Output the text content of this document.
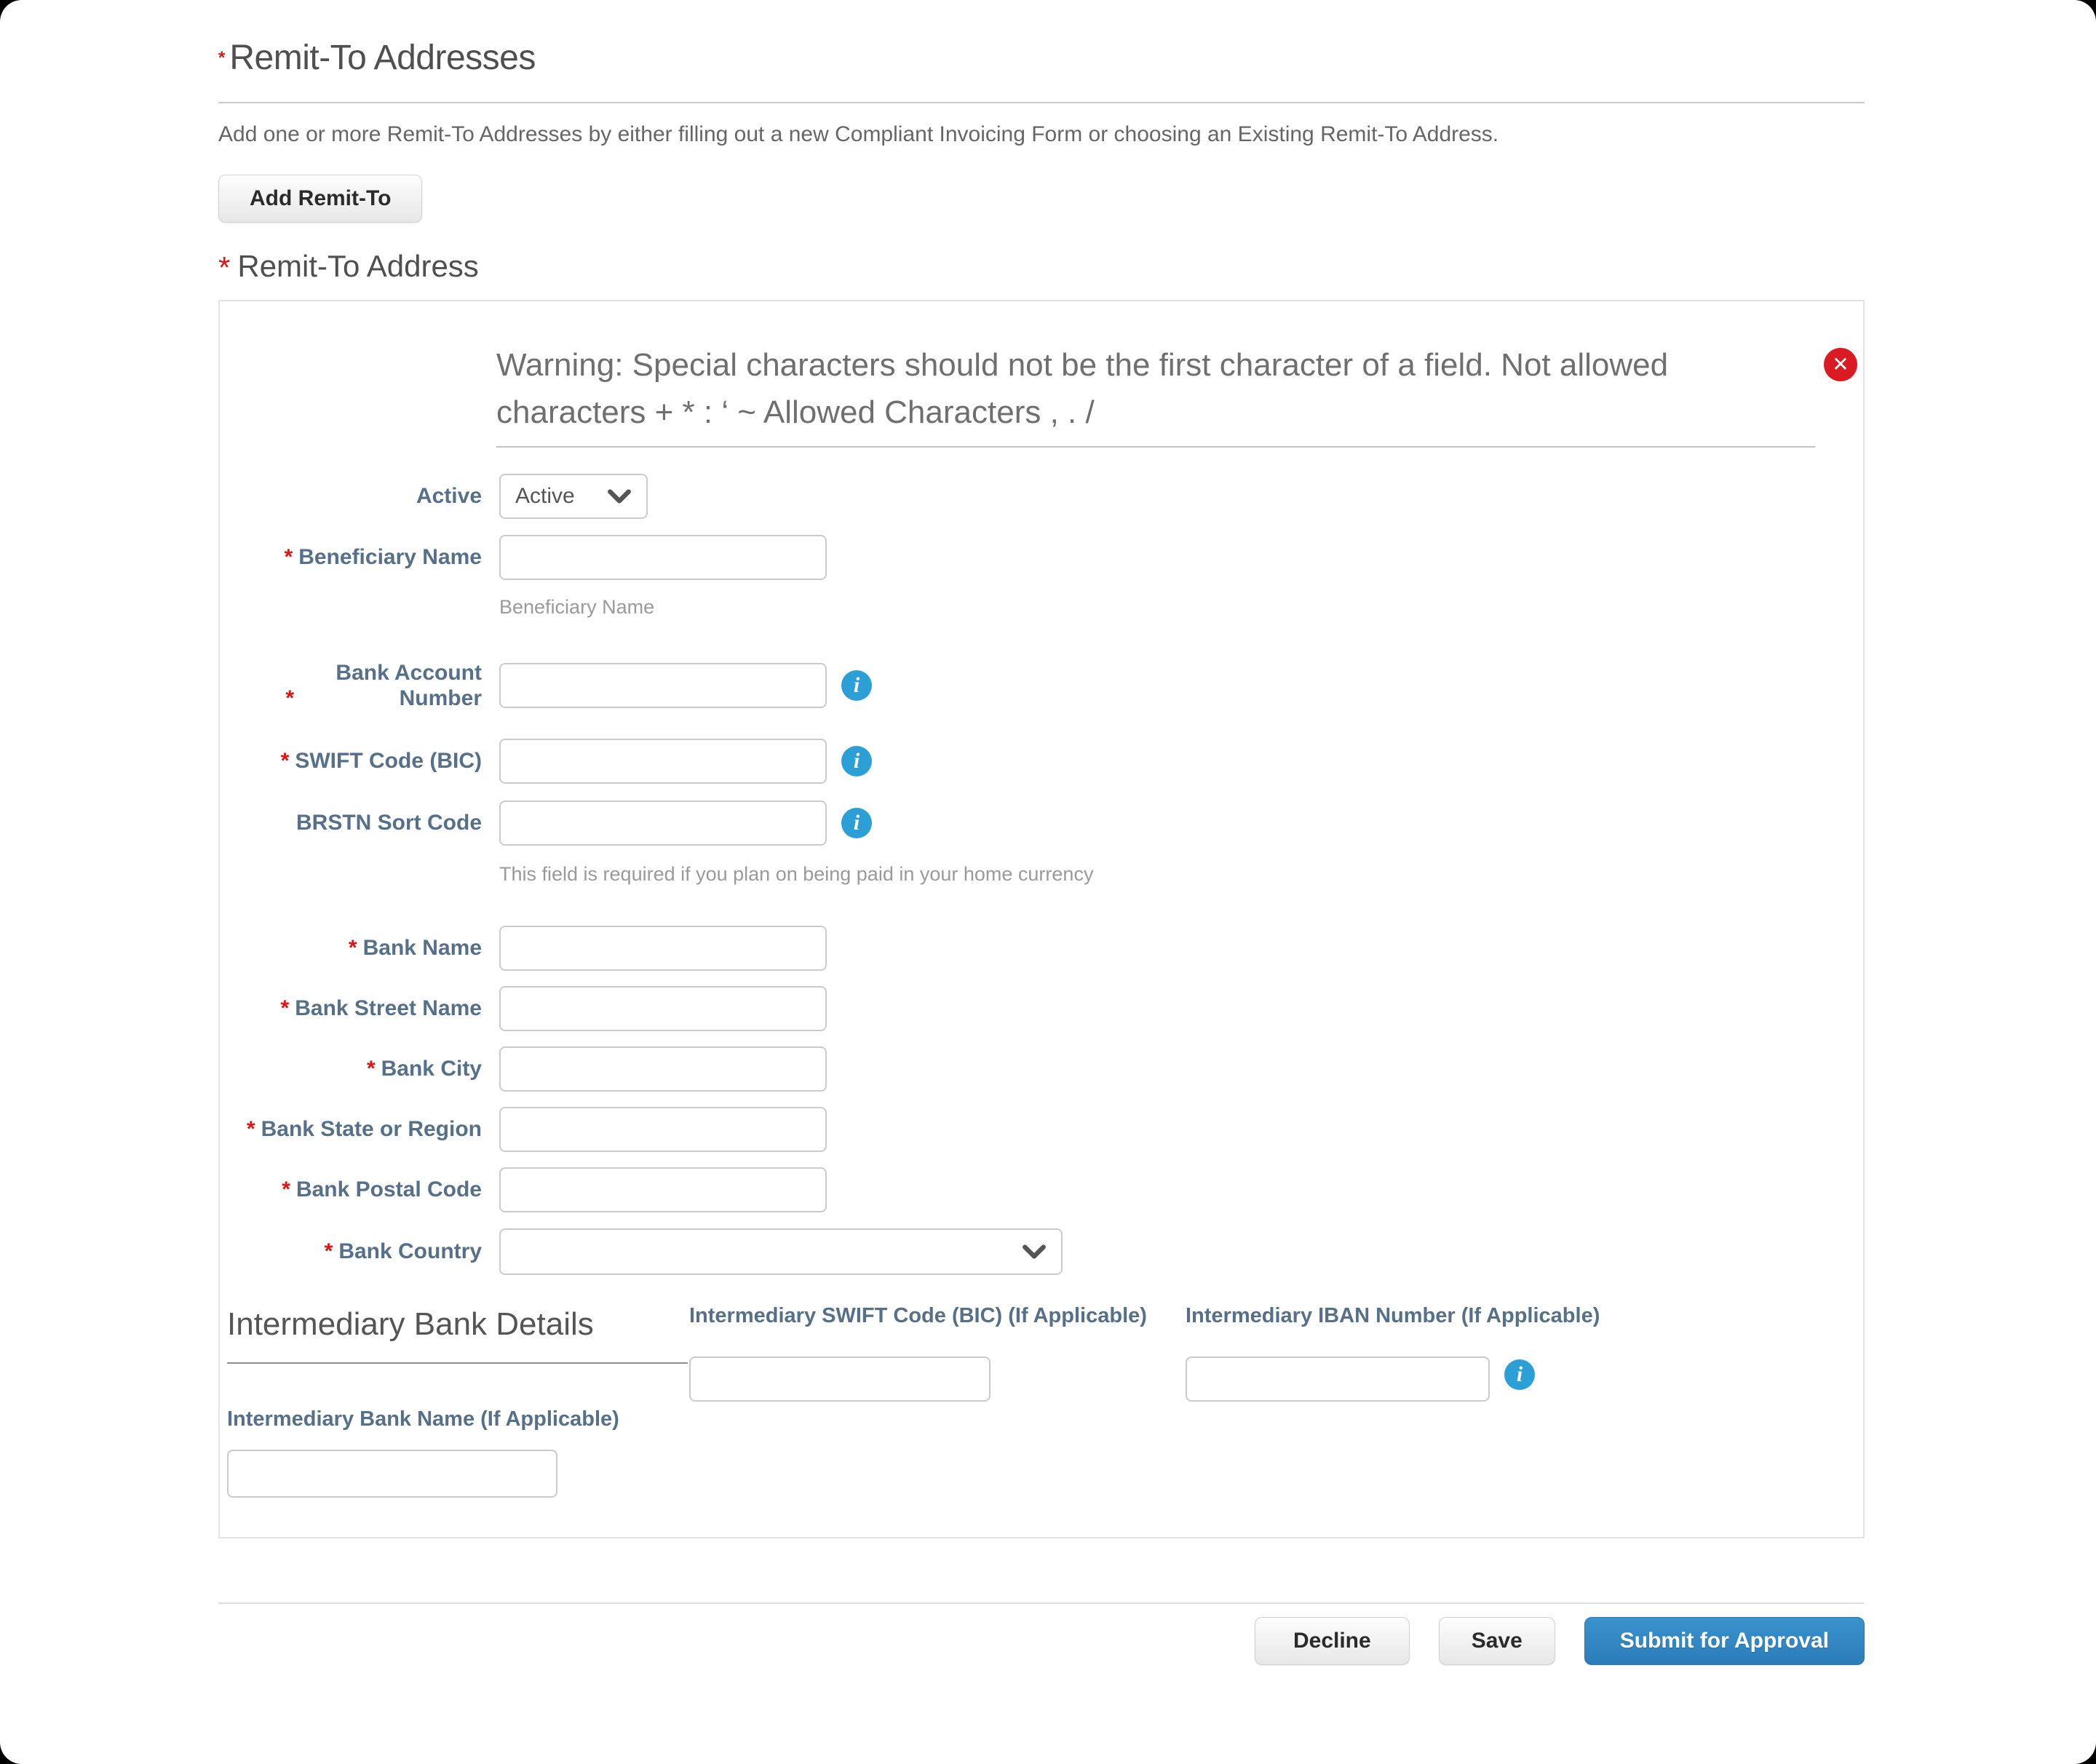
* Remit-To Addresses
Add one or more Remit-To Addresses by either filling out a new Compliant Invoicing Form or choosing an Existing Remit-To Address.
Add Remit-To
* Remit-To Address
Warning: Special characters should not be the first character of a field. Not allowed characters + * : ‘ ~ Allowed Characters , . /
✕
Active Active
* Beneficiary Name
Beneficiary Name
*Bank Account Number
i
* SWIFT Code (BIC)	i
BRSTN Sort Code	i
This field is required if you plan on being paid in your home currency
* Bank Name
* Bank Street Name
* Bank City
* Bank State or Region
* Bank Postal Code
* Bank Country
Intermediary Bank Details	Intermediary SWIFT Code (BIC) (If Applicable) Intermediary IBAN Number (If Applicable)
i
Intermediary Bank Name (If Applicable)
Decline	Save	Submit for Approval
